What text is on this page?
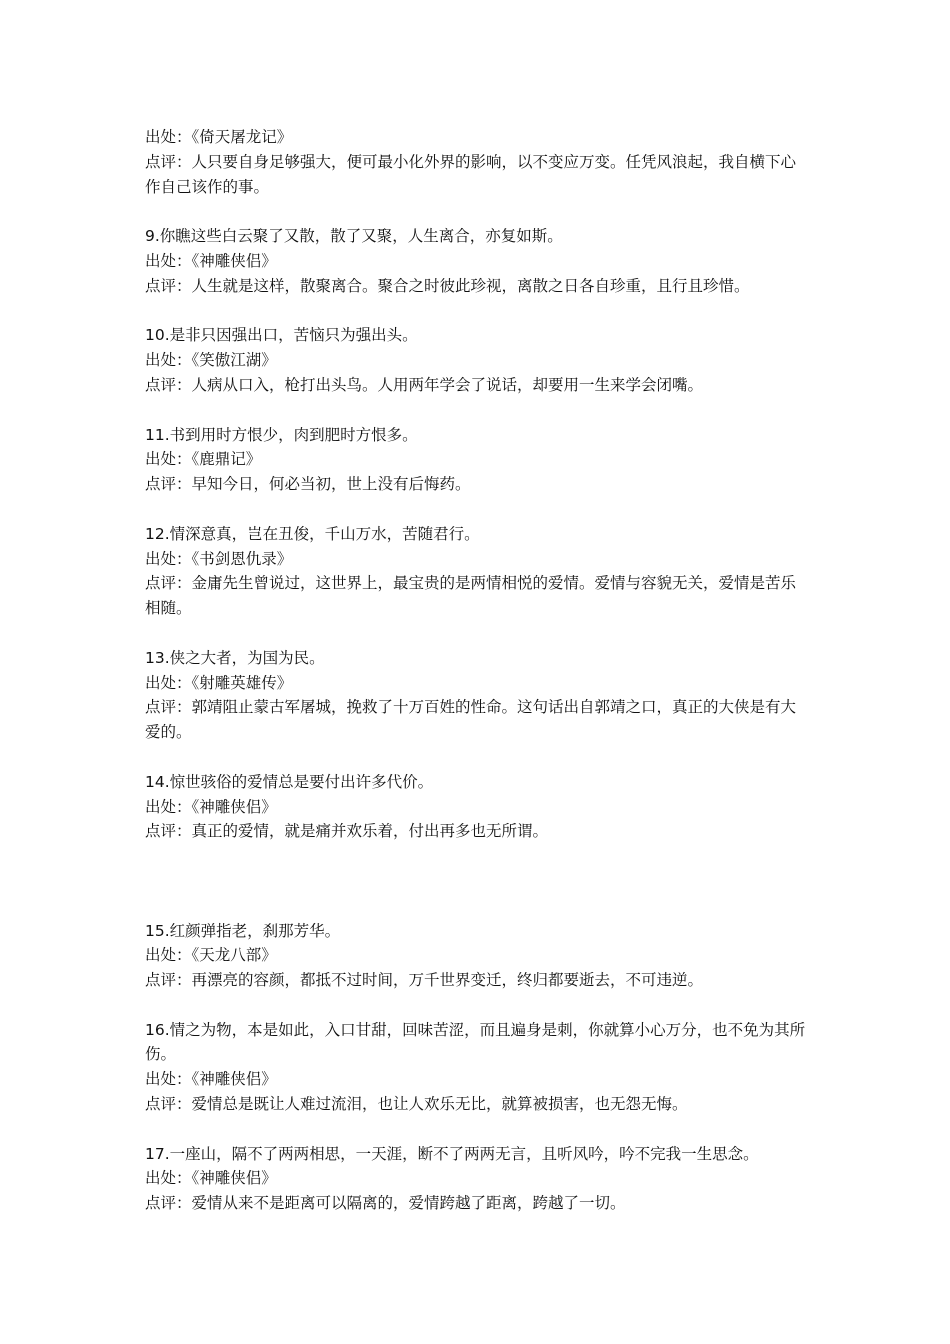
出处：《倚天屠龙记》

点评：人只要自身足够强大，便可最小化外界的影响，以不变应万变。任凭风浪起，我自横下心作自己该作的事。

9.你瞧这些白云聚了又散，散了又聚，人生离合，亦复如斯。

出处：《神雕侠侣》

点评：人生就是这样，散聚离合。聚合之时彼此珍视，离散之日各自珍重，且行且珍惜。

10.是非只因强出口，苦恼只为强出头。

出处：《笑傲江湖》

点评：人病从口入，枪打出头鸟。人用两年学会了说话，却要用一生来学会闭嘴。

11.书到用时方恨少，肉到肥时方恨多。

出处：《鹿鼎记》

点评：早知今日，何必当初，世上没有后悔药。

12.情深意真，岂在丑俊，千山万水，苦随君行。

出处：《书剑恩仇录》

点评：金庸先生曾说过，这世界上，最宝贵的是两情相悦的爱情。爱情与容貌无关，爱情是苦乐相随。

13.侠之大者，为国为民。

出处：《射雕英雄传》

点评：郭靖阻止蒙古军屠城，挽救了十万百姓的性命。这句话出自郭靖之口，真正的大侠是有大爱的。

14.惊世骇俗的爱情总是要付出许多代价。

出处：《神雕侠侣》

点评：真正的爱情，就是痛并欢乐着，付出再多也无所谓。

15.红颜弹指老，刹那芳华。

出处：《天龙八部》

点评：再漂亮的容颜，都抵不过时间，万千世界变迁，终归都要逝去，不可违逆。

16.情之为物，本是如此，入口甘甜，回味苦涩，而且遍身是刺，你就算小心万分，也不免为其所伤。

出处：《神雕侠侣》

点评：爱情总是既让人难过流泪，也让人欢乐无比，就算被损害，也无怨无悔。

17.一座山，隔不了两两相思，一天涯，断不了两两无言，且听风吟，吟不完我一生思念。

出处：《神雕侠侣》

点评：爱情从来不是距离可以隔离的，爱情跨越了距离，跨越了一切。
